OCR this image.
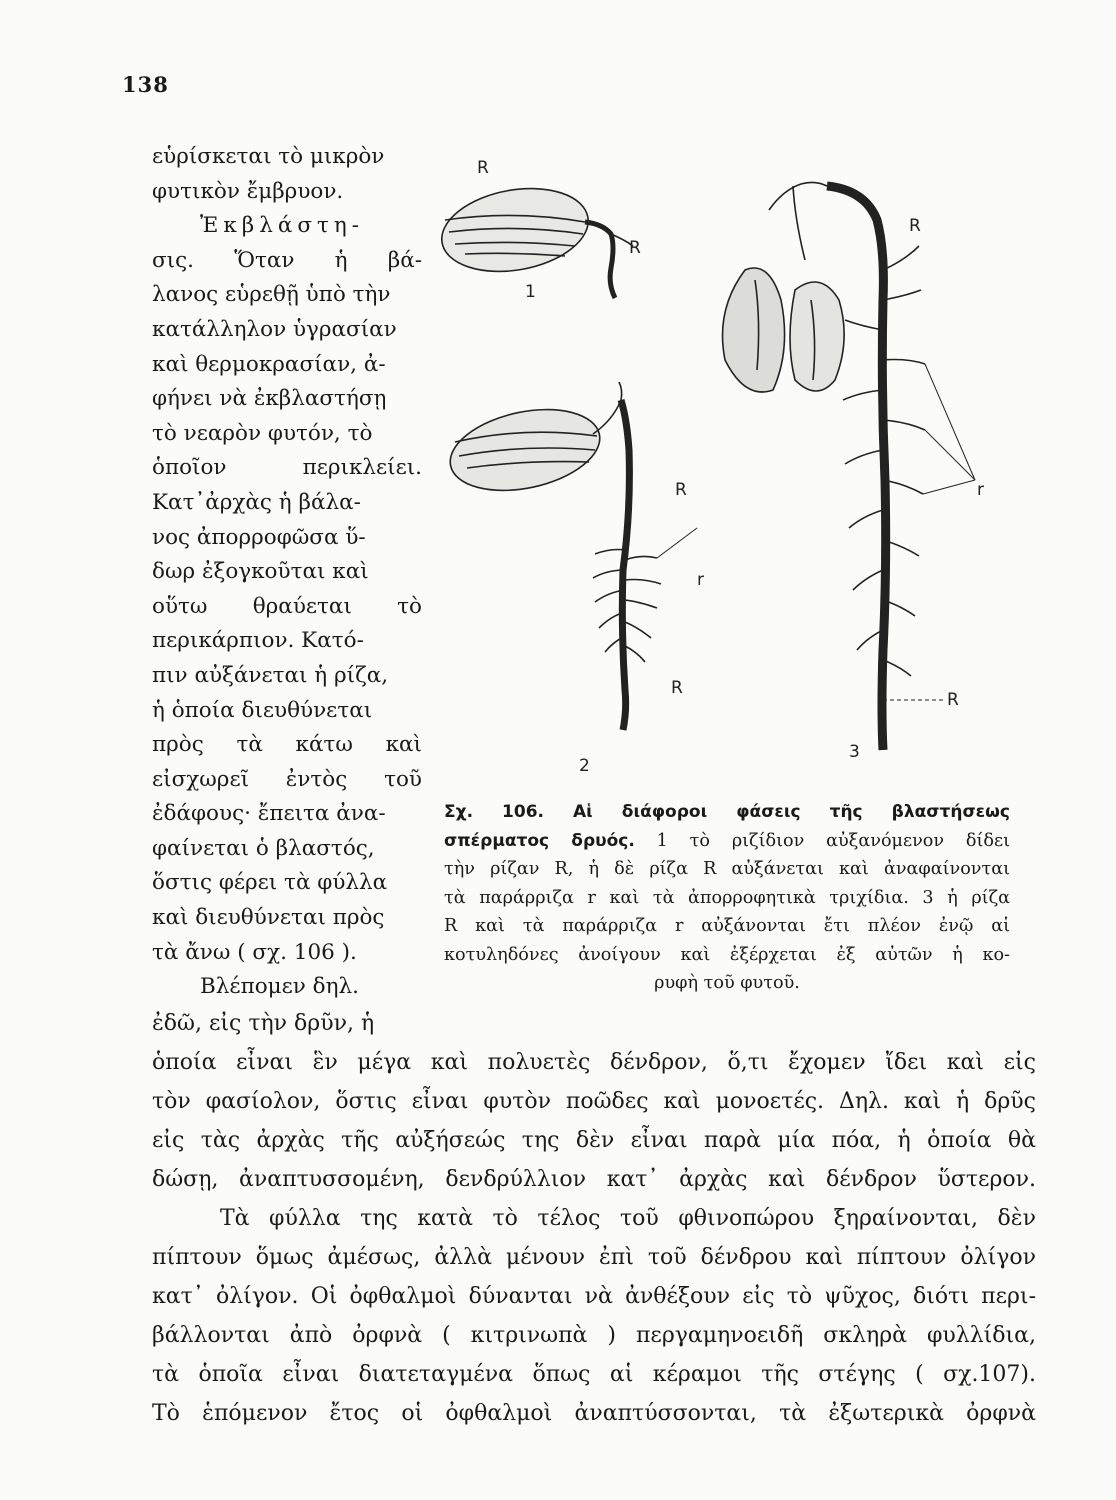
138
εὑρίσκεται τὸ μικρὸν
φυτικὸν ἔμβρυον.
Ἐκβλάστη-
σις. Ὅταν ἡ βά-
λανος εὑρεθῇ ὑπὸ τὴν
κατάλληλον ὑγρασίαν
καὶ θερμοκρασίαν, ἀ-
φήνει νὰ ἐκβλαστήσῃ
τὸ νεαρὸν φυτόν, τὸ
ὁποῖον περικλείει.
Κατ᾽ἀρχὰς ἡ βάλα-
νος ἀπορροφῶσα ὕ-
δωρ ἐξογκοῦται καὶ
οὕτω θραύεται τὸ
περικάρπιον. Κατό-
πιν αὐξάνεται ἡ ρίζα,
ἡ ὁποία διευθύνεται
πρὸς τὰ κάτω καὶ
εἰσχωρεῖ ἐντὸς τοῦ
ἐδάφους· ἔπειτα ἀνα-
φαίνεται ὁ βλαστός,
ὅστις φέρει τὰ φύλλα
καὶ διευθύνεται πρὸς
τὰ ἄνω ( σχ. 106 ).
Βλέπομεν δηλ.
R
R
1
R
r
R
2
R
r
R
3
Σχ. 106. Αἱ διάφοροι φάσεις τῆς βλαστήσεως
σπέρματος δρυός. 1 τὸ ριζίδιον αὐξανόμενον δίδει
τὴν ρίζαν R, ἡ δὲ ρίζα R αὐξάνεται καὶ ἀναφαίνονται
τὰ παράρριζα r καὶ τὰ ἀπορροφητικὰ τριχίδια. 3 ἡ ρίζα
R καὶ τὰ παράρριζα r αὐξάνονται ἔτι πλέον ἐνῷ αἱ
κοτυληδόνες ἀνοίγουν καὶ ἐξέρχεται ἐξ αὐτῶν ἡ κο-
ρυφὴ τοῦ φυτοῦ.
ἐδῶ, εἰς τὴν δρῦν, ἡ
ὁποία εἶναι ἓν μέγα καὶ πολυετὲς δένδρον, ὅ,τι ἔχομεν ἴδει καὶ εἰς
τὸν φασίολον, ὅστις εἶναι φυτὸν ποῶδες καὶ μονοετές. Δηλ. καὶ ἡ δρῦς
εἰς τὰς ἀρχὰς τῆς αὐξήσεώς της δὲν εἶναι παρὰ μία πόα, ἡ ὁποία θὰ
δώσῃ, ἀναπτυσσομένη, δενδρύλλιον κατ᾽ ἀρχὰς καὶ δένδρον ὕστερον.
Τὰ φύλλα της κατὰ τὸ τέλος τοῦ φθινοπώρου ξηραίνονται, δὲν
πίπτουν ὅμως ἀμέσως, ἀλλὰ μένουν ἐπὶ τοῦ δένδρου καὶ πίπτουν ὀλίγον
κατ᾽ ὀλίγον. Οἱ ὀφθαλμοὶ δύνανται νὰ ἀνθέξουν εἰς τὸ ψῦχος, διότι περι-
βάλλονται ἀπὸ ὀρφνὰ ( κιτρινωπὰ ) περγαμηνοειδῆ σκληρὰ φυλλίδια,
τὰ ὁποῖα εἶναι διατεταγμένα ὅπως αἱ κέραμοι τῆς στέγης ( σχ.107).
Τὸ ἑπόμενον ἔτος οἱ ὀφθαλμοὶ ἀναπτύσσονται, τὰ ἐξωτερικὰ ὀρφνὰ
